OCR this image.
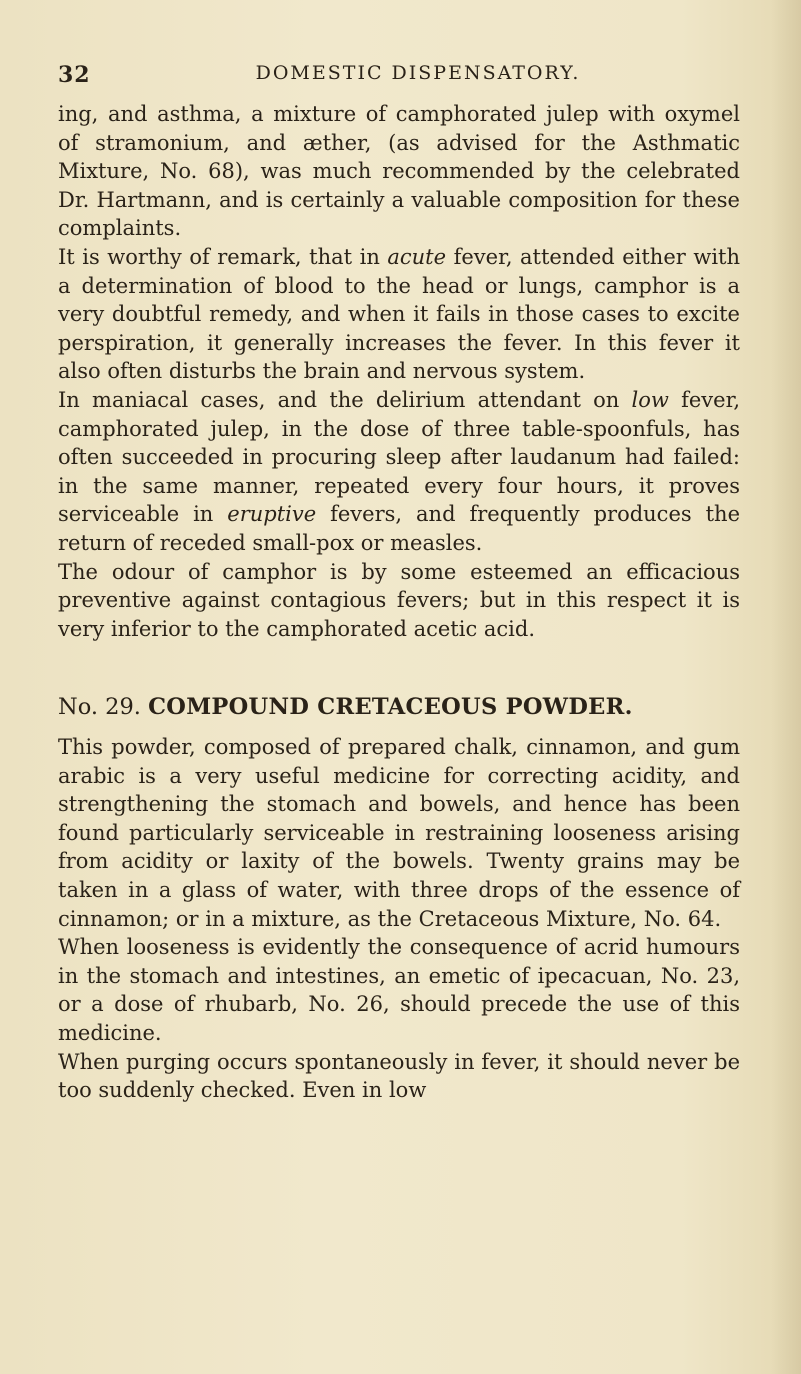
32	DOMESTIC DISPENSATORY.

ing, and asthma, a mixture of camphorated julep with oxymel of stramonium, and æther, (as advised for the Asthmatic Mixture, No. 68), was much recommended by the celebrated Dr. Hartmann, and is certainly a valuable composition for these complaints.

It is worthy of remark, that in acute fever, attended either with a determination of blood to the head or lungs, camphor is a very doubtful remedy, and when it fails in those cases to excite perspiration, it generally increases the fever. In this fever it also often disturbs the brain and nervous system.

In maniacal cases, and the delirium attendant on low fever, camphorated julep, in the dose of three table-spoonfuls, has often succeeded in procuring sleep after laudanum had failed: in the same manner, repeated every four hours, it proves serviceable in eruptive fevers, and frequently produces the return of receded small-pox or measles.

The odour of camphor is by some esteemed an efficacious preventive against contagious fevers; but in this respect it is very inferior to the camphorated acetic acid.

No. 29. COMPOUND CRETACEOUS POWDER.

This powder, composed of prepared chalk, cinnamon, and gum arabic is a very useful medicine for correcting acidity, and strengthening the stomach and bowels, and hence has been found particularly serviceable in restraining looseness arising from acidity or laxity of the bowels. Twenty grains may be taken in a glass of water, with three drops of the essence of cinnamon; or in a mixture, as the Cretaceous Mixture, No. 64.

When looseness is evidently the consequence of acrid humours in the stomach and intestines, an emetic of ipecacuan, No. 23, or a dose of rhubarb, No. 26, should precede the use of this medicine.

When purging occurs spontaneously in fever, it should never be too suddenly checked. Even in low
